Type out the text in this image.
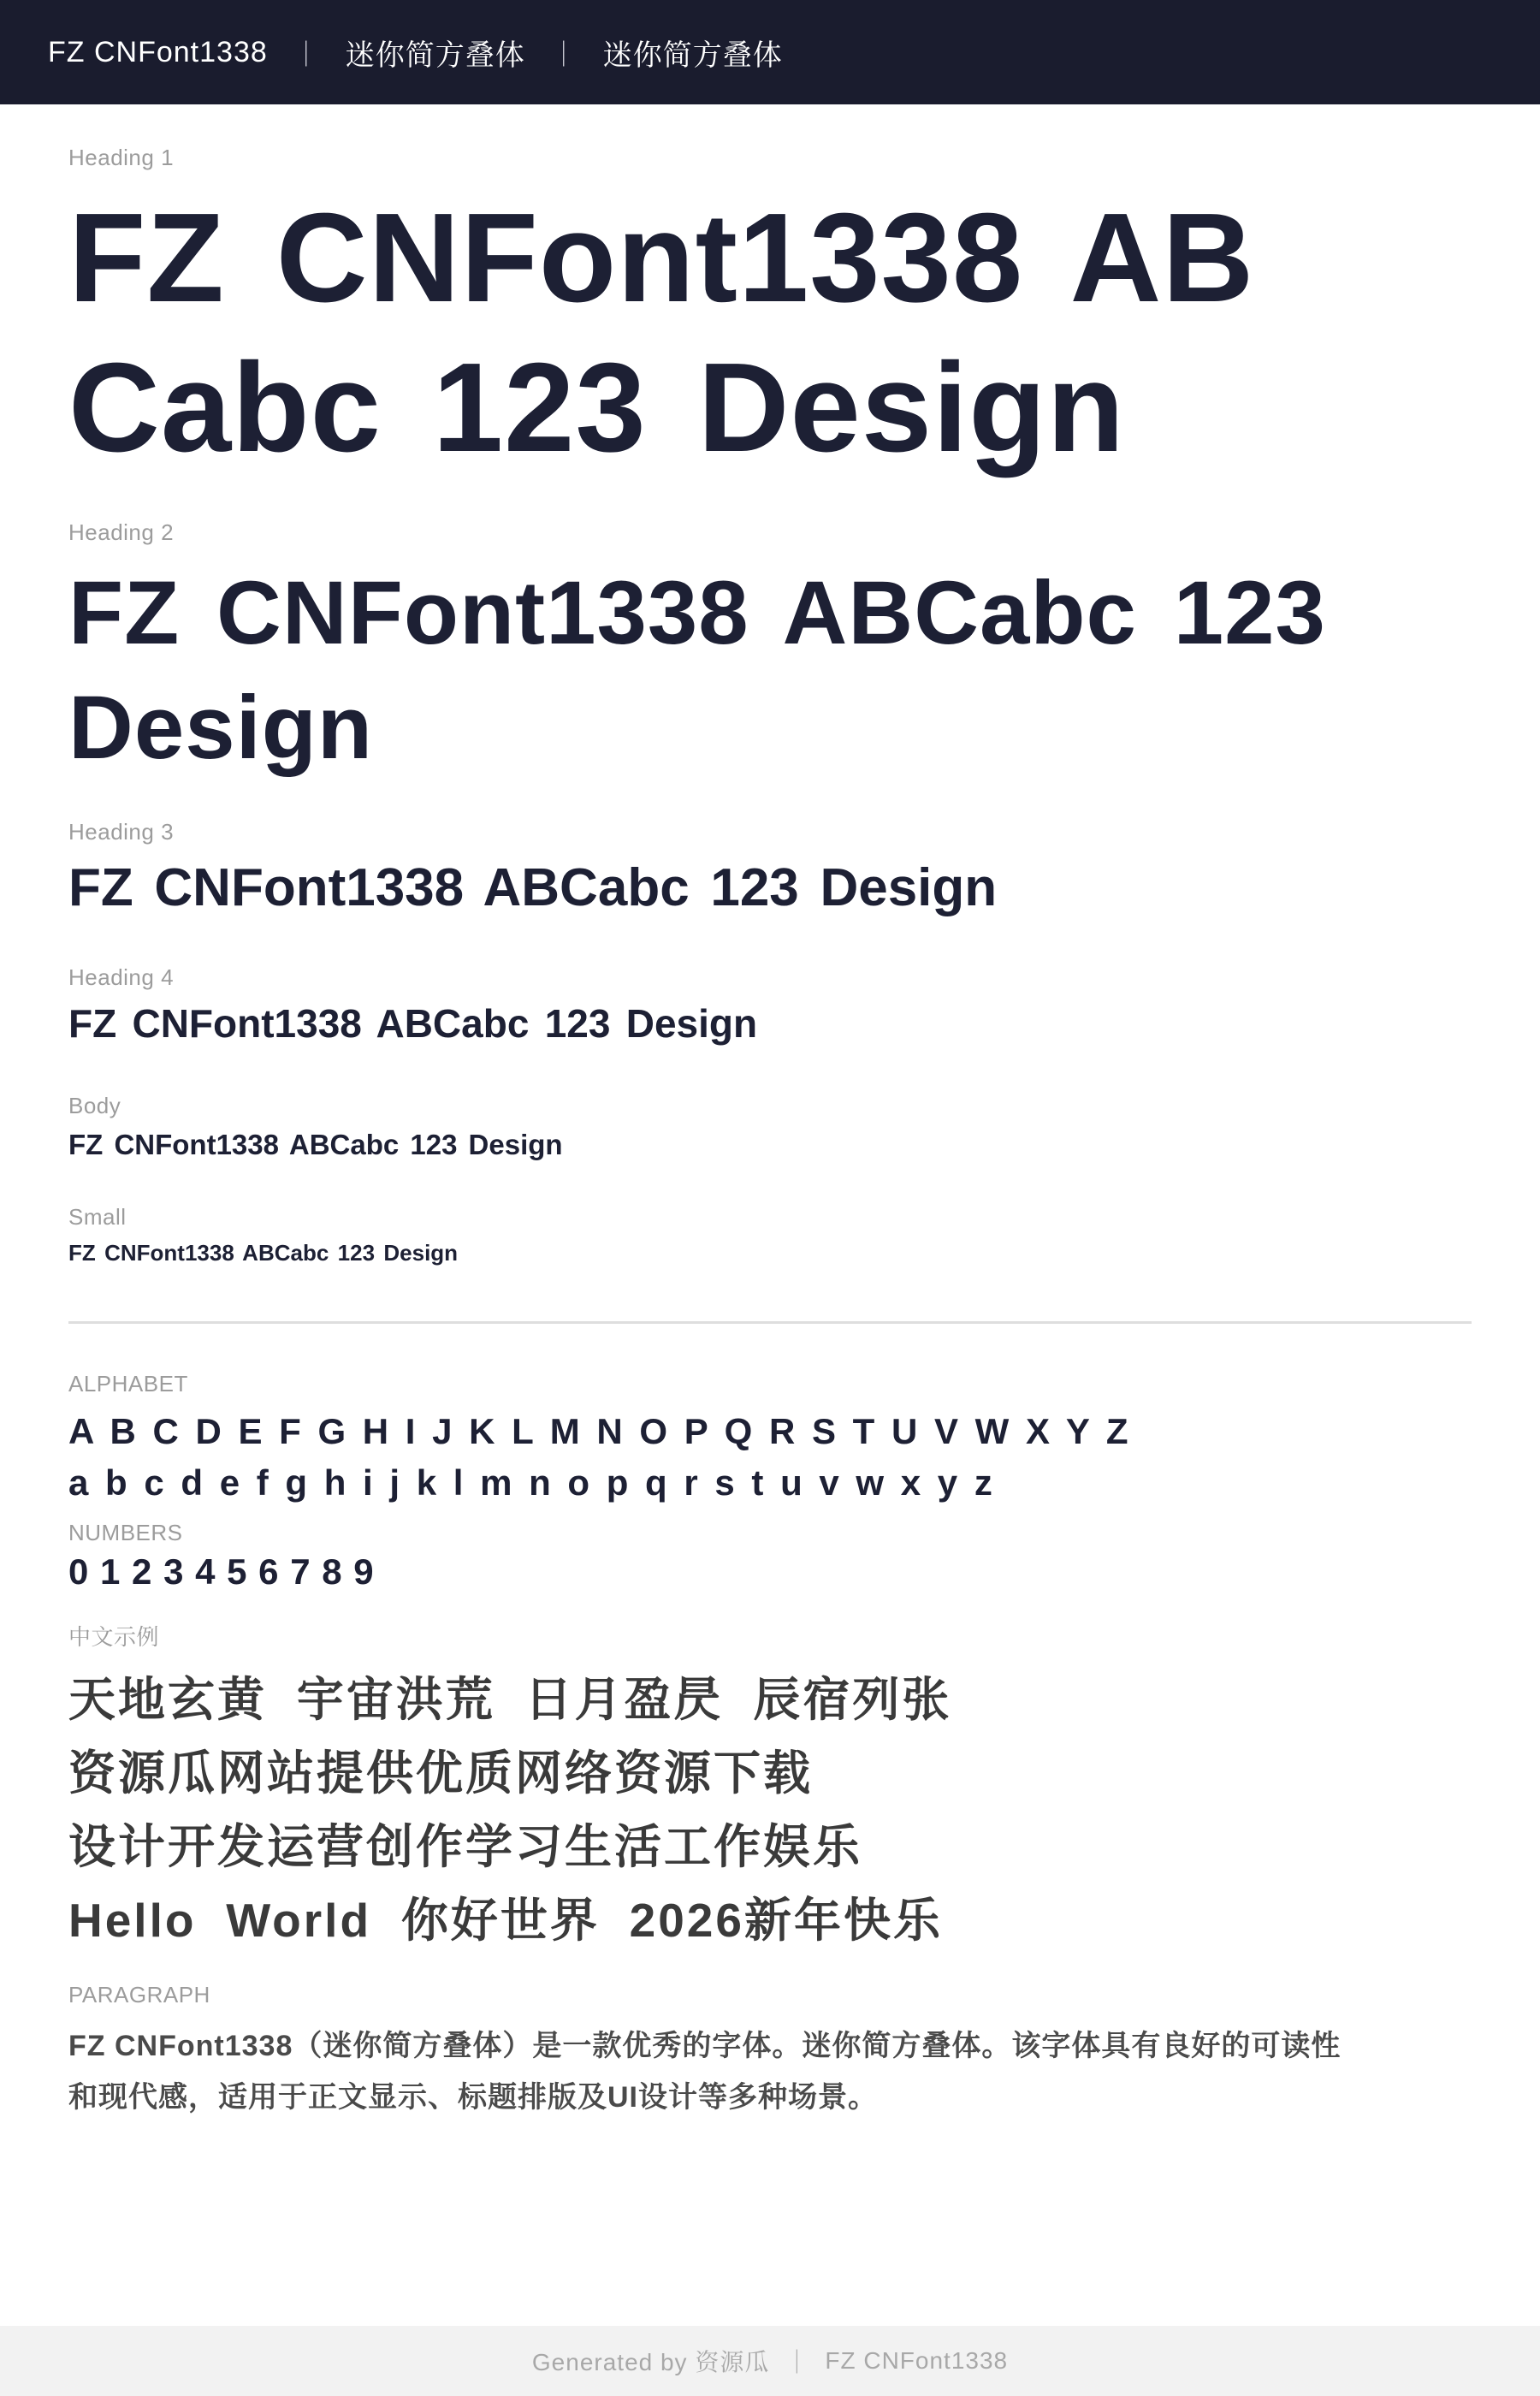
FZ CNFont1338 ｜ 迷你简方叠体 ｜ 迷你简方叠体
Heading 1
FZ CNFont1338 ABCabc 123 Design
Heading 2
FZ CNFont1338 ABCabc 123 Design
Heading 3
FZ CNFont1338 ABCabc 123 Design
Heading 4
FZ CNFont1338 ABCabc 123 Design
Body
FZ CNFont1338 ABCabc 123 Design
Small
FZ CNFont1338 ABCabc 123 Design
ALPHABET
A B C D E F G H I J K L M N O P Q R S T U V W X Y Z
a b c d e f g h i j k l m n o p q r s t u v w x y z
NUMBERS
0 1 2 3 4 5 6 7 8 9
中文示例
天地玄黄 宇宙洪荒 日月盈昃 辰宿列张
资源瓜网站提供优质网络资源下载
设计开发运营创作学习生活工作娱乐
Hello World 你好世界 2026新年快乐
PARAGRAPH
FZ CNFont1338（迷你简方叠体）是一款优秀的字体。迷你简方叠体。该字体具有良好的可读性和现代感，适用于正文显示、标题排版及UI设计等多种场景。
Generated by 资源瓜 ｜ FZ CNFont1338
